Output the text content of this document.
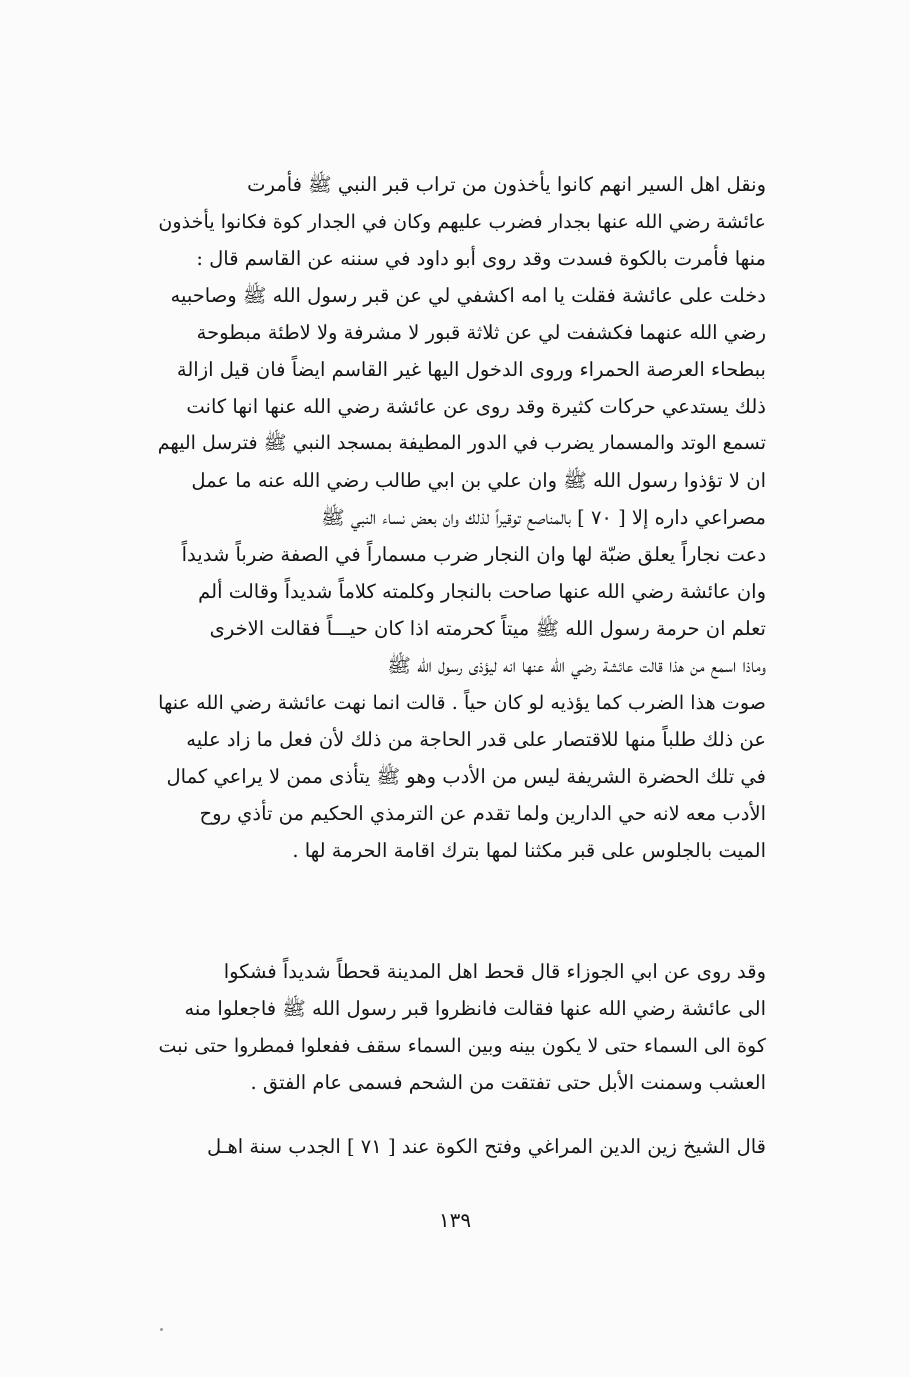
ونقل اهل السير انهم كانوا يأخذون من تراب قبر النبي ﷺ فأمرت
عائشة رضي الله عنها بجدار فضرب عليهم وكان في الجدار كوة فكانوا يأخذون
منها فأمرت بالكوة فسدت وقد روى أبو داود في سننه عن القاسم قال :
دخلت على عائشة فقلت يا امه اكشفي لي عن قبر رسول الله ﷺ وصاحبيه
رضي الله عنهما فكشفت لي عن ثلاثة قبور لا مشرفة ولا لاطئة مبطوحة
ببطحاء العرصة الحمراء وروى الدخول اليها غير القاسم ايضاً فان قيل ازالة
ذلك يستدعي حركات كثيرة وقد روى عن عائشة رضي الله عنها انها كانت
تسمع الوتد والمسمار يضرب في الدور المطيفة بمسجد النبي ﷺ فترسل اليهم
ان لا تؤذوا رسول الله ﷺ وان علي بن ابي طالب رضي الله عنه ما عمل
مصراعي داره إلا [ ٧٠ ] بالمناصع توقيراً لذلك وان بعض نساء النبي ﷺ
دعت نجاراً يعلق ضبّة لها وان النجار ضرب مسماراً في الصفة ضرباً شديداً
وان عائشة رضي الله عنها صاحت بالنجار وكلمته كلاماً شديداً وقالت ألم
تعلم ان حرمة رسول الله ﷺ ميتاً كحرمته اذا كان حيـــاً فقالت الاخرى
وماذا اسمع من هذا قالت عائشة رضي الله عنها انه ليؤذى رسول الله ﷺ
صوت هذا الضرب كما يؤذيه لو كان حياً . قالت انما نهت عائشة رضي الله عنها
عن ذلك طلباً منها للاقتصار على قدر الحاجة من ذلك لأن فعل ما زاد عليه
في تلك الحضرة الشريفة ليس من الأدب وهو ﷺ يتأذى ممن لا يراعي كمال
الأدب معه لانه حي الدارين ولما تقدم عن الترمذي الحكيم من تأذي روح
الميت بالجلوس على قبر مكثنا لمها بترك اقامة الحرمة لها .
وقد روى عن ابي الجوزاء قال قحط اهل المدينة قحطاً شديداً فشكوا
الى عائشة رضي الله عنها فقالت فانظروا قبر رسول الله ﷺ فاجعلوا منه
كوة الى السماء حتى لا يكون بينه وبين السماء سقف ففعلوا فمطروا حتى نبت
العشب وسمنت الأبل حتى تفتقت من الشحم فسمى عام الفتق .
قال الشيخ زين الدين المراغي وفتح الكوة عند [ ٧١ ] الجدب سنة اهـل
١٣٩
